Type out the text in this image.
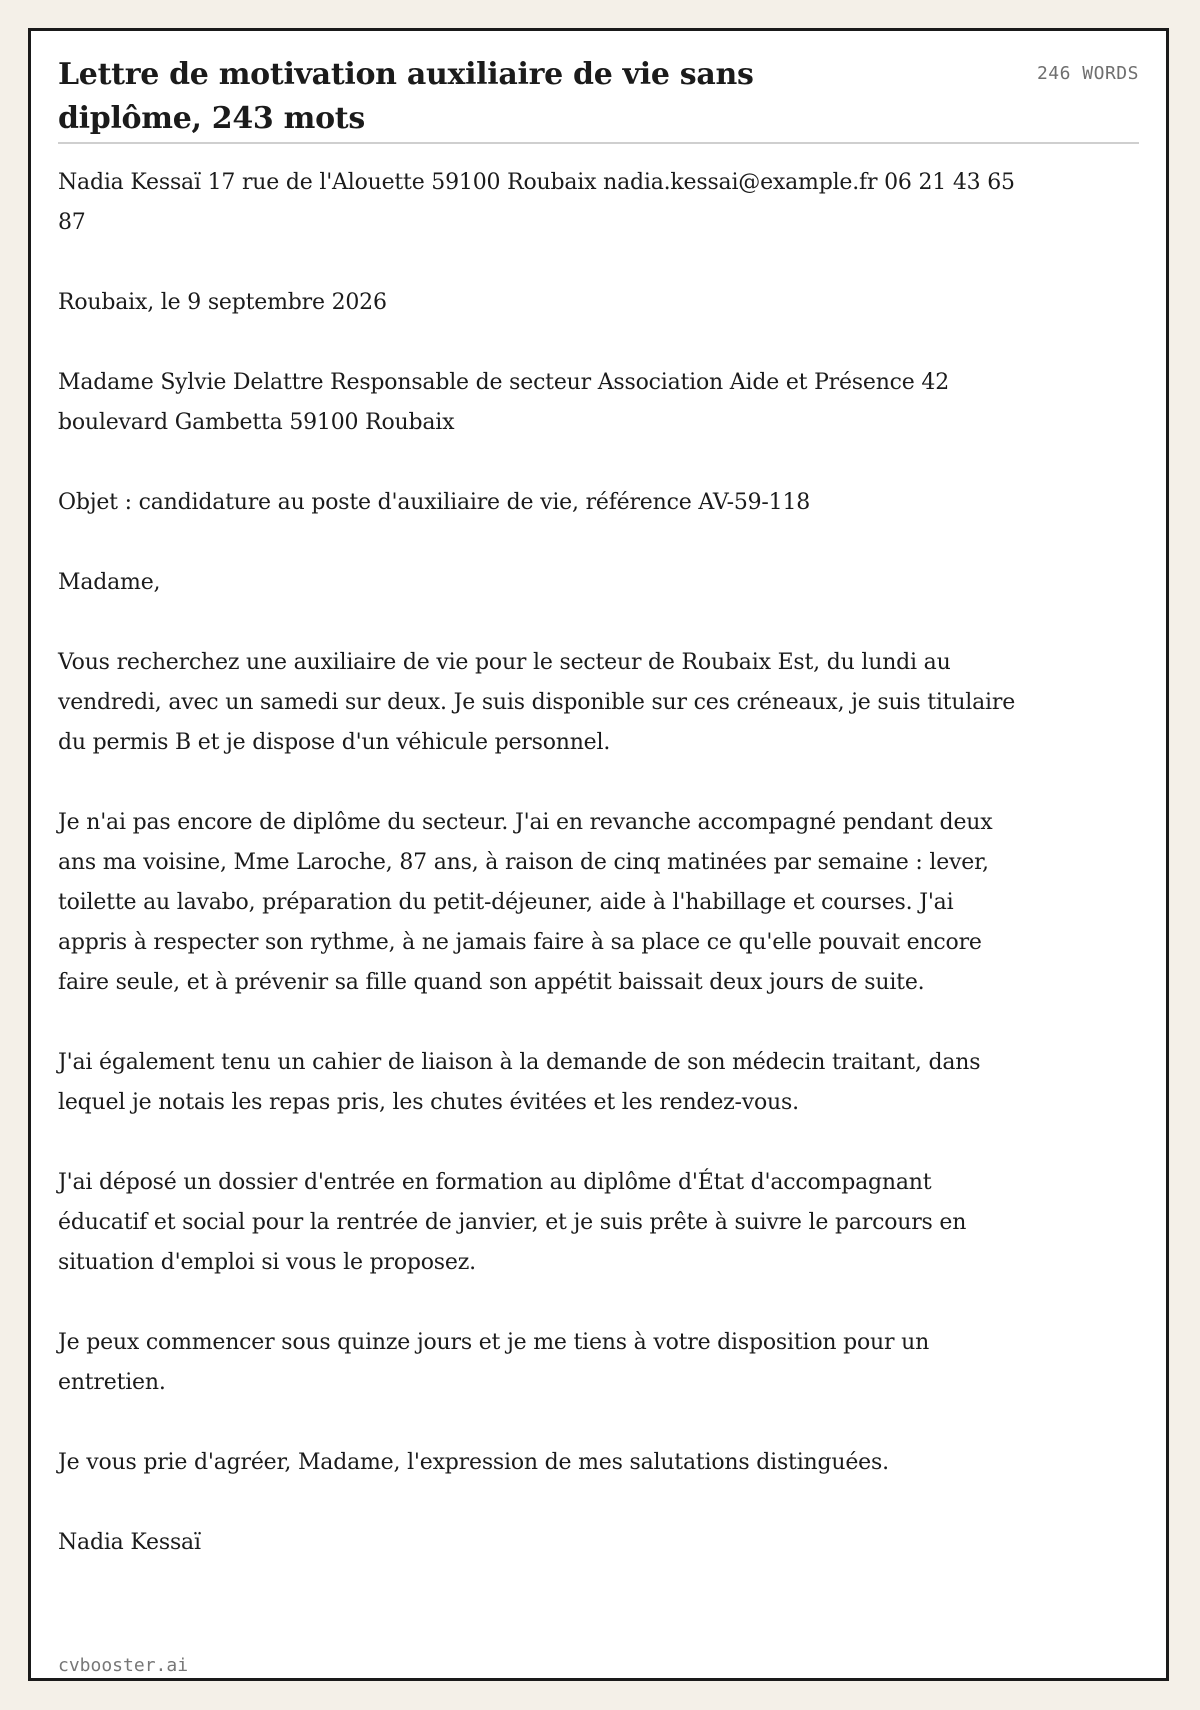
Lettre de motivation auxiliaire de vie sans diplôme, 243 mots
246 WORDS

Nadia Kessaï 17 rue de l'Alouette 59100 Roubaix nadia.kessai@example.fr 06 21 43 65 87

Roubaix, le 9 septembre 2026

Madame Sylvie Delattre Responsable de secteur Association Aide et Présence 42 boulevard Gambetta 59100 Roubaix

Objet : candidature au poste d'auxiliaire de vie, référence AV-59-118

Madame,

Vous recherchez une auxiliaire de vie pour le secteur de Roubaix Est, du lundi au vendredi, avec un samedi sur deux. Je suis disponible sur ces créneaux, je suis titulaire du permis B et je dispose d'un véhicule personnel.

Je n'ai pas encore de diplôme du secteur. J'ai en revanche accompagné pendant deux ans ma voisine, Mme Laroche, 87 ans, à raison de cinq matinées par semaine : lever, toilette au lavabo, préparation du petit-déjeuner, aide à l'habillage et courses. J'ai appris à respecter son rythme, à ne jamais faire à sa place ce qu'elle pouvait encore faire seule, et à prévenir sa fille quand son appétit baissait deux jours de suite.

J'ai également tenu un cahier de liaison à la demande de son médecin traitant, dans lequel je notais les repas pris, les chutes évitées et les rendez-vous.

J'ai déposé un dossier d'entrée en formation au diplôme d'État d'accompagnant éducatif et social pour la rentrée de janvier, et je suis prête à suivre le parcours en situation d'emploi si vous le proposez.

Je peux commencer sous quinze jours et je me tiens à votre disposition pour un entretien.

Je vous prie d'agréer, Madame, l'expression de mes salutations distinguées.

Nadia Kessaï

cvbooster.ai
